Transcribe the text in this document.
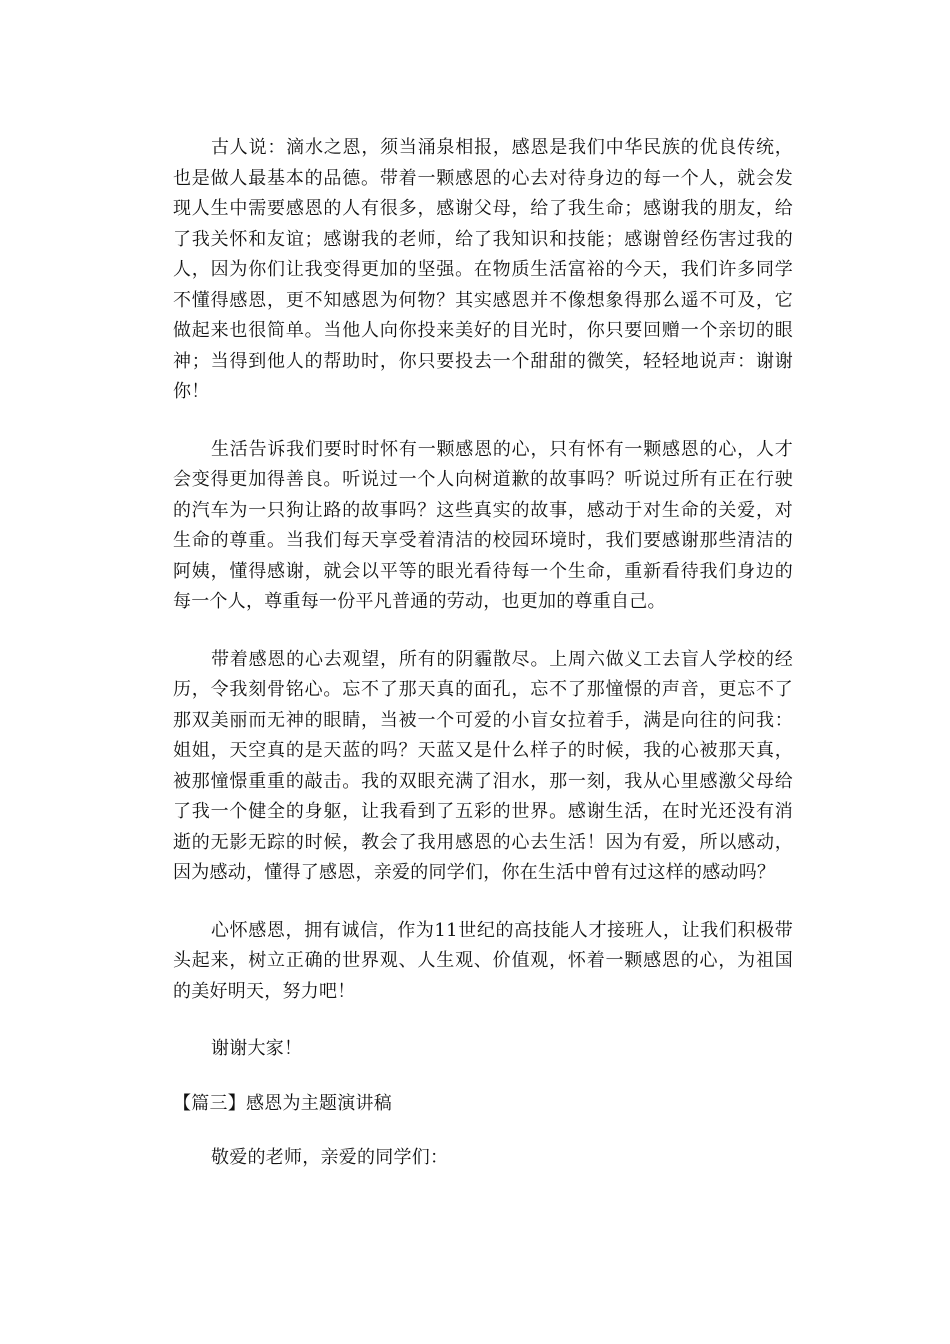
古人说：滴水之恩，须当涌泉相报，感恩是我们中华民族的优良传统，也是做人最基本的品德。带着一颗感恩的心去对待身边的每一个人，就会发现人生中需要感恩的人有很多，感谢父母，给了我生命；感谢我的朋友，给了我关怀和友谊；感谢我的老师，给了我知识和技能；感谢曾经伤害过我的人，因为你们让我变得更加的坚强。在物质生活富裕的今天，我们许多同学不懂得感恩，更不知感恩为何物？其实感恩并不像想象得那么遥不可及，它做起来也很简单。当他人向你投来美好的目光时，你只要回赠一个亲切的眼神；当得到他人的帮助时，你只要投去一个甜甜的微笑，轻轻地说声：谢谢你！

生活告诉我们要时时怀有一颗感恩的心，只有怀有一颗感恩的心，人才会变得更加得善良。听说过一个人向树道歉的故事吗？听说过所有正在行驶的汽车为一只狗让路的故事吗？这些真实的故事，感动于对生命的关爱，对生命的尊重。当我们每天享受着清洁的校园环境时，我们要感谢那些清洁的阿姨，懂得感谢，就会以平等的眼光看待每一个生命，重新看待我们身边的每一个人，尊重每一份平凡普通的劳动，也更加的尊重自己。

带着感恩的心去观望，所有的阴霾散尽。上周六做义工去盲人学校的经历，令我刻骨铭心。忘不了那天真的面孔，忘不了那憧憬的声音，更忘不了那双美丽而无神的眼睛，当被一个可爱的小盲女拉着手，满是向往的问我：姐姐，天空真的是天蓝的吗？天蓝又是什么样子的时候，我的心被那天真，被那憧憬重重的敲击。我的双眼充满了泪水，那一刻，我从心里感激父母给了我一个健全的身躯，让我看到了五彩的世界。感谢生活，在时光还没有消逝的无影无踪的时候，教会了我用感恩的心去生活！因为有爱，所以感动，因为感动，懂得了感恩，亲爱的同学们，你在生活中曾有过这样的感动吗？

心怀感恩，拥有诚信，作为11世纪的高技能人才接班人，让我们积极带头起来，树立正确的世界观、人生观、价值观，怀着一颗感恩的心，为祖国的美好明天，努力吧！

谢谢大家！

【篇三】感恩为主题演讲稿

敬爱的老师，亲爱的同学们：
